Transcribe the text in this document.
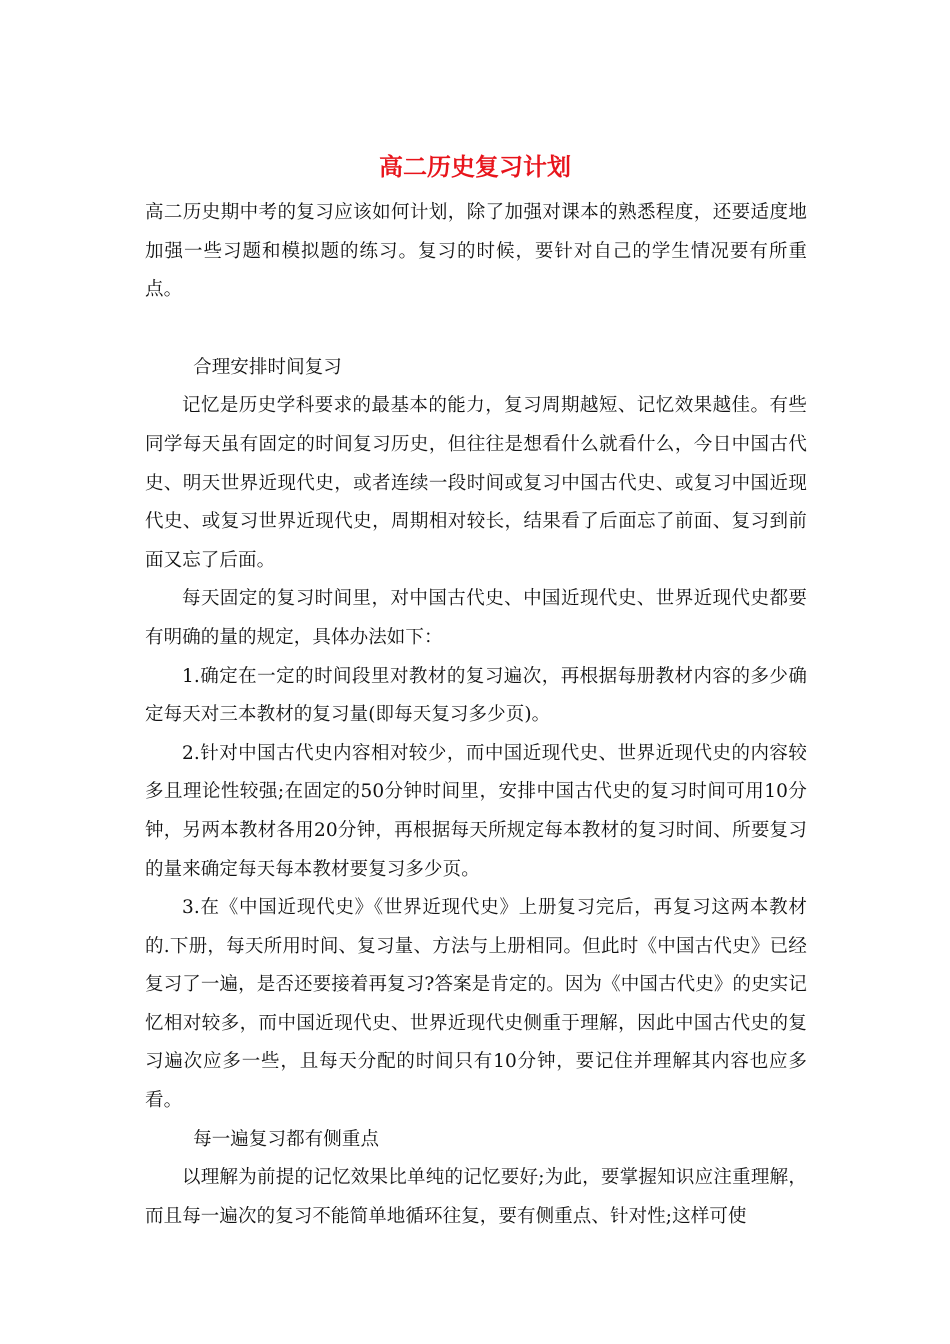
高二历史复习计划

高二历史期中考的复习应该如何计划，除了加强对课本的熟悉程度，还要适度地加强一些习题和模拟题的练习。复习的时候，要针对自己的学生情况要有所重点。

合理安排时间复习

记忆是历史学科要求的最基本的能力，复习周期越短、记忆效果越佳。有些同学每天虽有固定的时间复习历史，但往往是想看什么就看什么，今日中国古代史、明天世界近现代史，或者连续一段时间或复习中国古代史、或复习中国近现代史、或复习世界近现代史，周期相对较长，结果看了后面忘了前面、复习到前面又忘了后面。

每天固定的复习时间里，对中国古代史、中国近现代史、世界近现代史都要有明确的量的规定，具体办法如下：

1.确定在一定的时间段里对教材的复习遍次，再根据每册教材内容的多少确定每天对三本教材的复习量(即每天复习多少页)。

2.针对中国古代史内容相对较少，而中国近现代史、世界近现代史的内容较多且理论性较强;在固定的50分钟时间里，安排中国古代史的复习时间可用10分钟，另两本教材各用20分钟，再根据每天所规定每本教材的复习时间、所要复习的量来确定每天每本教材要复习多少页。

3.在《中国近现代史》《世界近现代史》上册复习完后，再复习这两本教材的.下册，每天所用时间、复习量、方法与上册相同。但此时《中国古代史》已经复习了一遍，是否还要接着再复习?答案是肯定的。因为《中国古代史》的史实记忆相对较多，而中国近现代史、世界近现代史侧重于理解，因此中国古代史的复习遍次应多一些，且每天分配的时间只有10分钟，要记住并理解其内容也应多看。

每一遍复习都有侧重点

以理解为前提的记忆效果比单纯的记忆要好;为此，要掌握知识应注重理解，而且每一遍次的复习不能简单地循环往复，要有侧重点、针对性;这样可使
